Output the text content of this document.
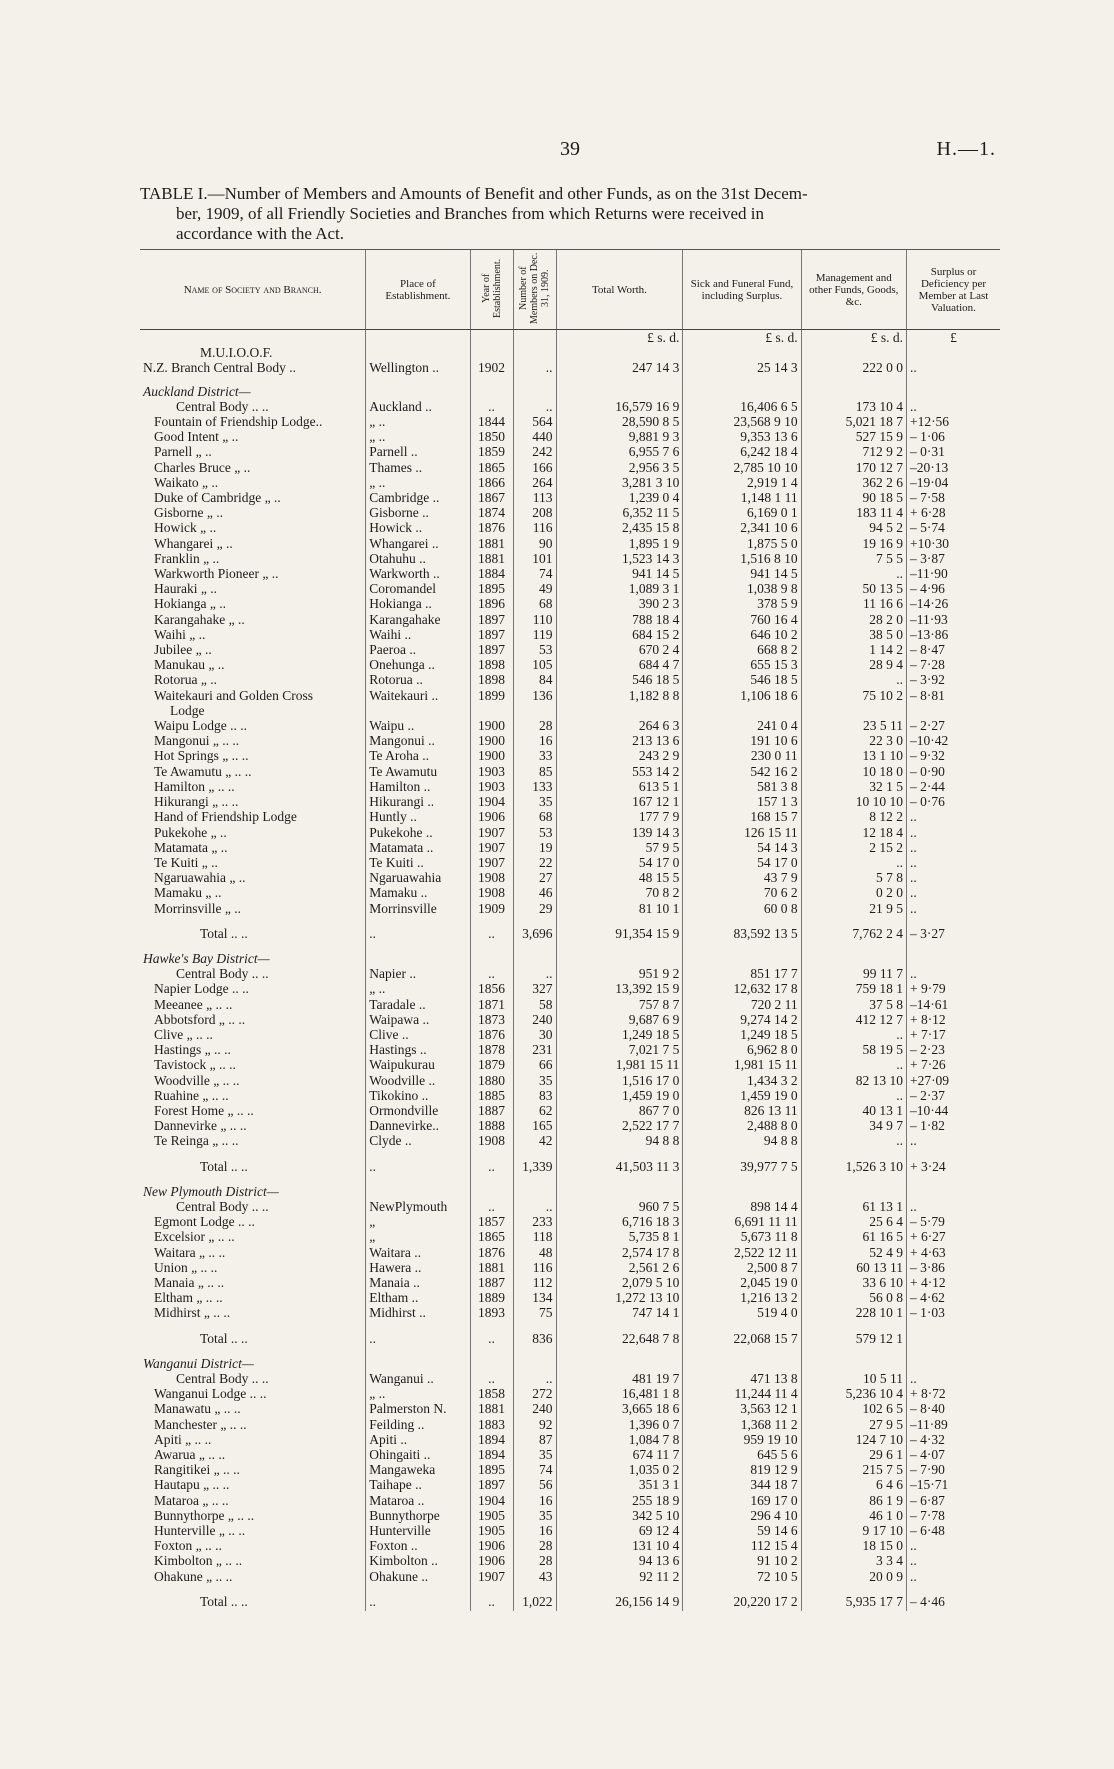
39	H.—1.
TABLE I.—Number of Members and Amounts of Benefit and other Funds, as on the 31st Decem-
ber, 1909, of all Friendly Societies and Branches from which Returns were received in
accordance with the Act.
Name of Society and Branch.	Place of Establishment.	Year of Establishment.	Number of Members on Dec. 31, 1909.	Total Worth.	Sick and Funeral Fund, including Surplus.	Management and other Funds, Goods, &c.	Surplus or Deficiency per Member at Last Valuation.
				£ s. d.	£ s. d.	£ s. d.	£
M.U.I.O.O.F.							
N.Z. Branch Central Body ..	Wellington ..	1902	..	247 14 3	25 14 3	222 0 0	..

Auckland District—							
Central Body .. ..	Auckland ..	..	..	16,579 16 9	16,406 6 5	173 10 4	..
Fountain of Friendship Lodge..	„ ..	1844	564	28,590 8 5	23,568 9 10	5,021 18 7	+12·56
Good Intent „ ..	„ ..	1850	440	9,881 9 3	9,353 13 6	527 15 9	– 1·06
Parnell „ ..	Parnell ..	1859	242	6,955 7 6	6,242 18 4	712 9 2	– 0·31
Charles Bruce „ ..	Thames ..	1865	166	2,956 3 5	2,785 10 10	170 12 7	–20·13
Waikato „ ..	„ ..	1866	264	3,281 3 10	2,919 1 4	362 2 6	–19·04
Duke of Cambridge „ ..	Cambridge ..	1867	113	1,239 0 4	1,148 1 11	90 18 5	– 7·58
Gisborne „ ..	Gisborne ..	1874	208	6,352 11 5	6,169 0 1	183 11 4	+ 6·28
Howick „ ..	Howick ..	1876	116	2,435 15 8	2,341 10 6	94 5 2	– 5·74
Whangarei „ ..	Whangarei ..	1881	90	1,895 1 9	1,875 5 0	19 16 9	+10·30
Franklin „ ..	Otahuhu ..	1881	101	1,523 14 3	1,516 8 10	7 5 5	– 3·87
Warkworth Pioneer „ ..	Warkworth ..	1884	74	941 14 5	941 14 5	..	–11·90
Hauraki „ ..	Coromandel	1895	49	1,089 3 1	1,038 9 8	50 13 5	– 4·96
Hokianga „ ..	Hokianga ..	1896	68	390 2 3	378 5 9	11 16 6	–14·26
Karangahake „ ..	Karangahake	1897	110	788 18 4	760 16 4	28 2 0	–11·93
Waihi „ ..	Waihi ..	1897	119	684 15 2	646 10 2	38 5 0	–13·86
Jubilee „ ..	Paeroa ..	1897	53	670 2 4	668 8 2	1 14 2	– 8·47
Manukau „ ..	Onehunga ..	1898	105	684 4 7	655 15 3	28 9 4	– 7·28
Rotorua „ ..	Rotorua ..	1898	84	546 18 5	546 18 5	..	– 3·92
Waitekauri and Golden Cross	Waitekauri ..	1899	136	1,182 8 8	1,106 18 6	75 10 2	– 8·81
Lodge							
Waipu Lodge .. ..	Waipu ..	1900	28	264 6 3	241 0 4	23 5 11	– 2·27
Mangonui „ .. ..	Mangonui ..	1900	16	213 13 6	191 10 6	22 3 0	–10·42
Hot Springs „ .. ..	Te Aroha ..	1900	33	243 2 9	230 0 11	13 1 10	– 9·32
Te Awamutu „ .. ..	Te Awamutu	1903	85	553 14 2	542 16 2	10 18 0	– 0·90
Hamilton „ .. ..	Hamilton ..	1903	133	613 5 1	581 3 8	32 1 5	– 2·44
Hikurangi „ .. ..	Hikurangi ..	1904	35	167 12 1	157 1 3	10 10 10	– 0·76
Hand of Friendship Lodge	Huntly ..	1906	68	177 7 9	168 15 7	8 12 2	..
Pukekohe „ ..	Pukekohe ..	1907	53	139 14 3	126 15 11	12 18 4	..
Matamata „ ..	Matamata ..	1907	19	57 9 5	54 14 3	2 15 2	..
Te Kuiti „ ..	Te Kuiti ..	1907	22	54 17 0	54 17 0	..	..
Ngaruawahia „ ..	Ngaruawahia	1908	27	48 15 5	43 7 9	5 7 8	..
Mamaku „ ..	Mamaku ..	1908	46	70 8 2	70 6 2	0 2 0	..
Morrinsville „ ..	Morrinsville	1909	29	81 10 1	60 0 8	21 9 5	..

Total .. ..	..	..	3,696	91,354 15 9	83,592 13 5	7,762 2 4	– 3·27

Hawke's Bay District—							
Central Body .. ..	Napier ..	..	..	951 9 2	851 17 7	99 11 7	..
Napier Lodge .. ..	„ ..	1856	327	13,392 15 9	12,632 17 8	759 18 1	+ 9·79
Meeanee „ .. ..	Taradale ..	1871	58	757 8 7	720 2 11	37 5 8	–14·61
Abbotsford „ .. ..	Waipawa ..	1873	240	9,687 6 9	9,274 14 2	412 12 7	+ 8·12
Clive „ .. ..	Clive ..	1876	30	1,249 18 5	1,249 18 5	..	+ 7·17
Hastings „ .. ..	Hastings ..	1878	231	7,021 7 5	6,962 8 0	58 19 5	– 2·23
Tavistock „ .. ..	Waipukurau	1879	66	1,981 15 11	1,981 15 11	..	+ 7·26
Woodville „ .. ..	Woodville ..	1880	35	1,516 17 0	1,434 3 2	82 13 10	+27·09
Ruahine „ .. ..	Tikokino ..	1885	83	1,459 19 0	1,459 19 0	..	– 2·37
Forest Home „ .. ..	Ormondville	1887	62	867 7 0	826 13 11	40 13 1	–10·44
Dannevirke „ .. ..	Dannevirke..	1888	165	2,522 17 7	2,488 8 0	34 9 7	– 1·82
Te Reinga „ .. ..	Clyde ..	1908	42	94 8 8	94 8 8	..	..

Total .. ..	..	..	1,339	41,503 11 3	39,977 7 5	1,526 3 10	+ 3·24

New Plymouth District—							
Central Body .. ..	NewPlymouth	..	..	960 7 5	898 14 4	61 13 1	..
Egmont Lodge .. ..	„	1857	233	6,716 18 3	6,691 11 11	25 6 4	– 5·79
Excelsior „ .. ..	„	1865	118	5,735 8 1	5,673 11 8	61 16 5	+ 6·27
Waitara „ .. ..	Waitara ..	1876	48	2,574 17 8	2,522 12 11	52 4 9	+ 4·63
Union „ .. ..	Hawera ..	1881	116	2,561 2 6	2,500 8 7	60 13 11	– 3·86
Manaia „ .. ..	Manaia ..	1887	112	2,079 5 10	2,045 19 0	33 6 10	+ 4·12
Eltham „ .. ..	Eltham ..	1889	134	1,272 13 10	1,216 13 2	56 0 8	– 4·62
Midhirst „ .. ..	Midhirst ..	1893	75	747 14 1	519 4 0	228 10 1	– 1·03

Total .. ..	..	..	836	22,648 7 8	22,068 15 7	579 12 1	

Wanganui District—							
Central Body .. ..	Wanganui ..	..	..	481 19 7	471 13 8	10 5 11	..
Wanganui Lodge .. ..	„ ..	1858	272	16,481 1 8	11,244 11 4	5,236 10 4	+ 8·72
Manawatu „ .. ..	Palmerston N.	1881	240	3,665 18 6	3,563 12 1	102 6 5	– 8·40
Manchester „ .. ..	Feilding ..	1883	92	1,396 0 7	1,368 11 2	27 9 5	–11·89
Apiti „ .. ..	Apiti ..	1894	87	1,084 7 8	959 19 10	124 7 10	– 4·32
Awarua „ .. ..	Ohingaiti ..	1894	35	674 11 7	645 5 6	29 6 1	– 4·07
Rangitikei „ .. ..	Mangaweka	1895	74	1,035 0 2	819 12 9	215 7 5	– 7·90
Hautapu „ .. ..	Taihape ..	1897	56	351 3 1	344 18 7	6 4 6	–15·71
Mataroa „ .. ..	Mataroa ..	1904	16	255 18 9	169 17 0	86 1 9	– 6·87
Bunnythorpe „ .. ..	Bunnythorpe	1905	35	342 5 10	296 4 10	46 1 0	– 7·78
Hunterville „ .. ..	Hunterville	1905	16	69 12 4	59 14 6	9 17 10	– 6·48
Foxton „ .. ..	Foxton ..	1906	28	131 10 4	112 15 4	18 15 0	..
Kimbolton „ .. ..	Kimbolton ..	1906	28	94 13 6	91 10 2	3 3 4	..
Ohakune „ .. ..	Ohakune ..	1907	43	92 11 2	72 10 5	20 0 9	..

Total .. ..	..	..	1,022	26,156 14 9	20,220 17 2	5,935 17 7	– 4·46
